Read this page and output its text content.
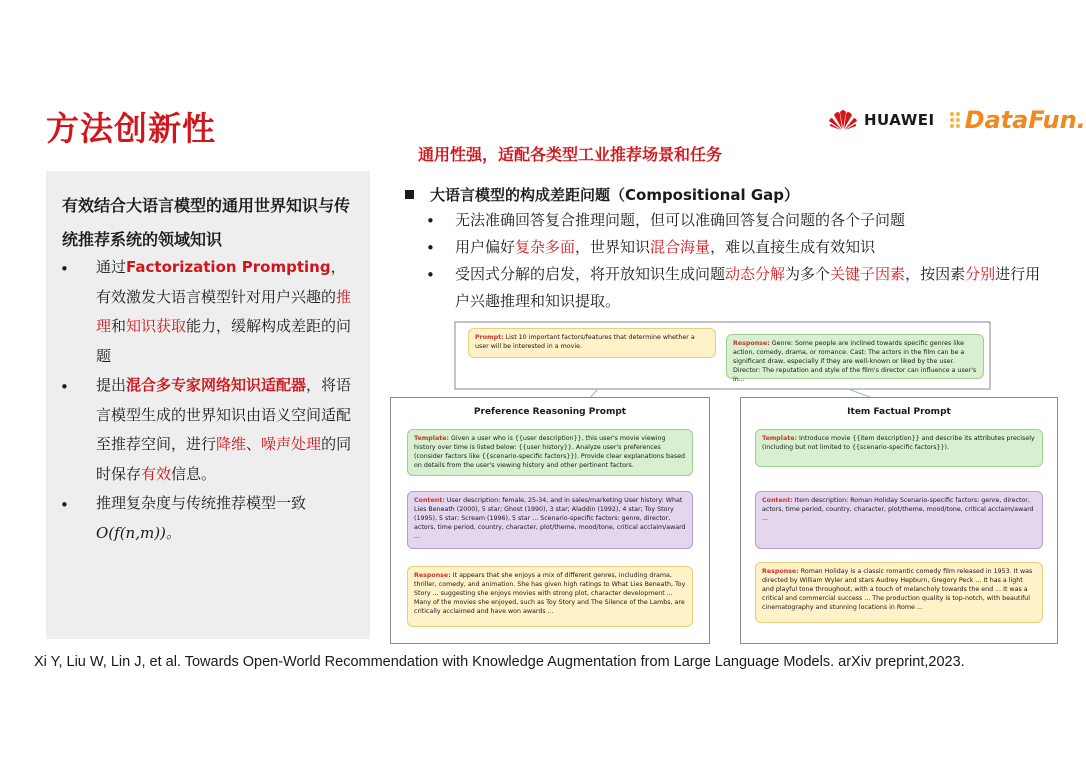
方法创新性	HUAWEI DataFun.
通用性强，适配各类型工业推荐场景和任务
有效结合大语言模型的通用世界知识与传统推荐系统的领域知识
• 通过Factorization Prompting，有效激发大语言模型针对用户兴趣的推理和知识获取能力，缓解构成差距的问题
• 提出混合多专家网络知识适配器，将语言模型生成的世界知识由语义空间适配至推荐空间，进行降维、噪声处理的同时保存有效信息。
• 推理复杂度与传统推荐模型一致
O(f(n,m))。
大语言模型的构成差距问题（Compositional Gap）
• 无法准确回答复合推理问题，但可以准确回答复合问题的各个子问题
• 用户偏好复杂多面，世界知识混合海量，难以直接生成有效知识
• 受因式分解的启发，将开放知识生成问题动态分解为多个关键子因素，按因素分别进行用户兴趣推理和知识提取。
Prompt: List 10 important factors/features that determine whether a user will be interested in a movie.	Response: Genre: Some people are inclined towards specific genres like action, comedy, drama, or romance. Cast: The actors in the film can be a significant draw, especially if they are well-known or liked by the user. Director: The reputation and style of the film's director can influence a user's in...
Preference Reasoning Prompt
Template: Given a user who is {{user description}}, this user's movie viewing history over time is listed below: {{user history}}. Analyze user's preferences (consider factors like {{scenario-specific factors}}). Provide clear explanations based on details from the user's viewing history and other pertinent factors.
Content: User description: female, 25-34, and in sales/marketing User history: What Lies Beneath (2000), 5 star; Ghost (1990), 3 star; Aladdin (1992), 4 star; Toy Story (1995), 5 star; Scream (1996), 5 star ... Scenario-specific factors: genre, director, actors, time period, country, character, plot/theme, mood/tone, critical acclaim/award ...
Response: It appears that she enjoys a mix of different genres, including drama, thriller, comedy, and animation. She has given high ratings to What Lies Beneath, Toy Story ... suggesting she enjoys movies with strong plot, character development ... Many of the movies she enjoyed, such as Toy Story and The Silence of the Lambs, are critically acclaimed and have won awards ...
Item Factual Prompt
Template: Introduce movie {{item description}} and describe its attributes precisely (including but not limited to {{scenario-specific factors}}).
Content: Item description: Roman Holiday Scenario-specific factors: genre, director, actors, time period, country, character, plot/theme, mood/tone, critical acclaim/award ...
Response: Roman Holiday is a classic romantic comedy film released in 1953. It was directed by William Wyler and stars Audrey Hepburn, Gregory Peck ... It has a light and playful tone throughout, with a touch of melancholy towards the end ... It was a critical and commercial success ... The production quality is top-notch, with beautiful cinematography and stunning locations in Rome ...
Xi Y, Liu W, Lin J, et al. Towards Open-World Recommendation with Knowledge Augmentation from Large Language Models. arXiv preprint,2023.
